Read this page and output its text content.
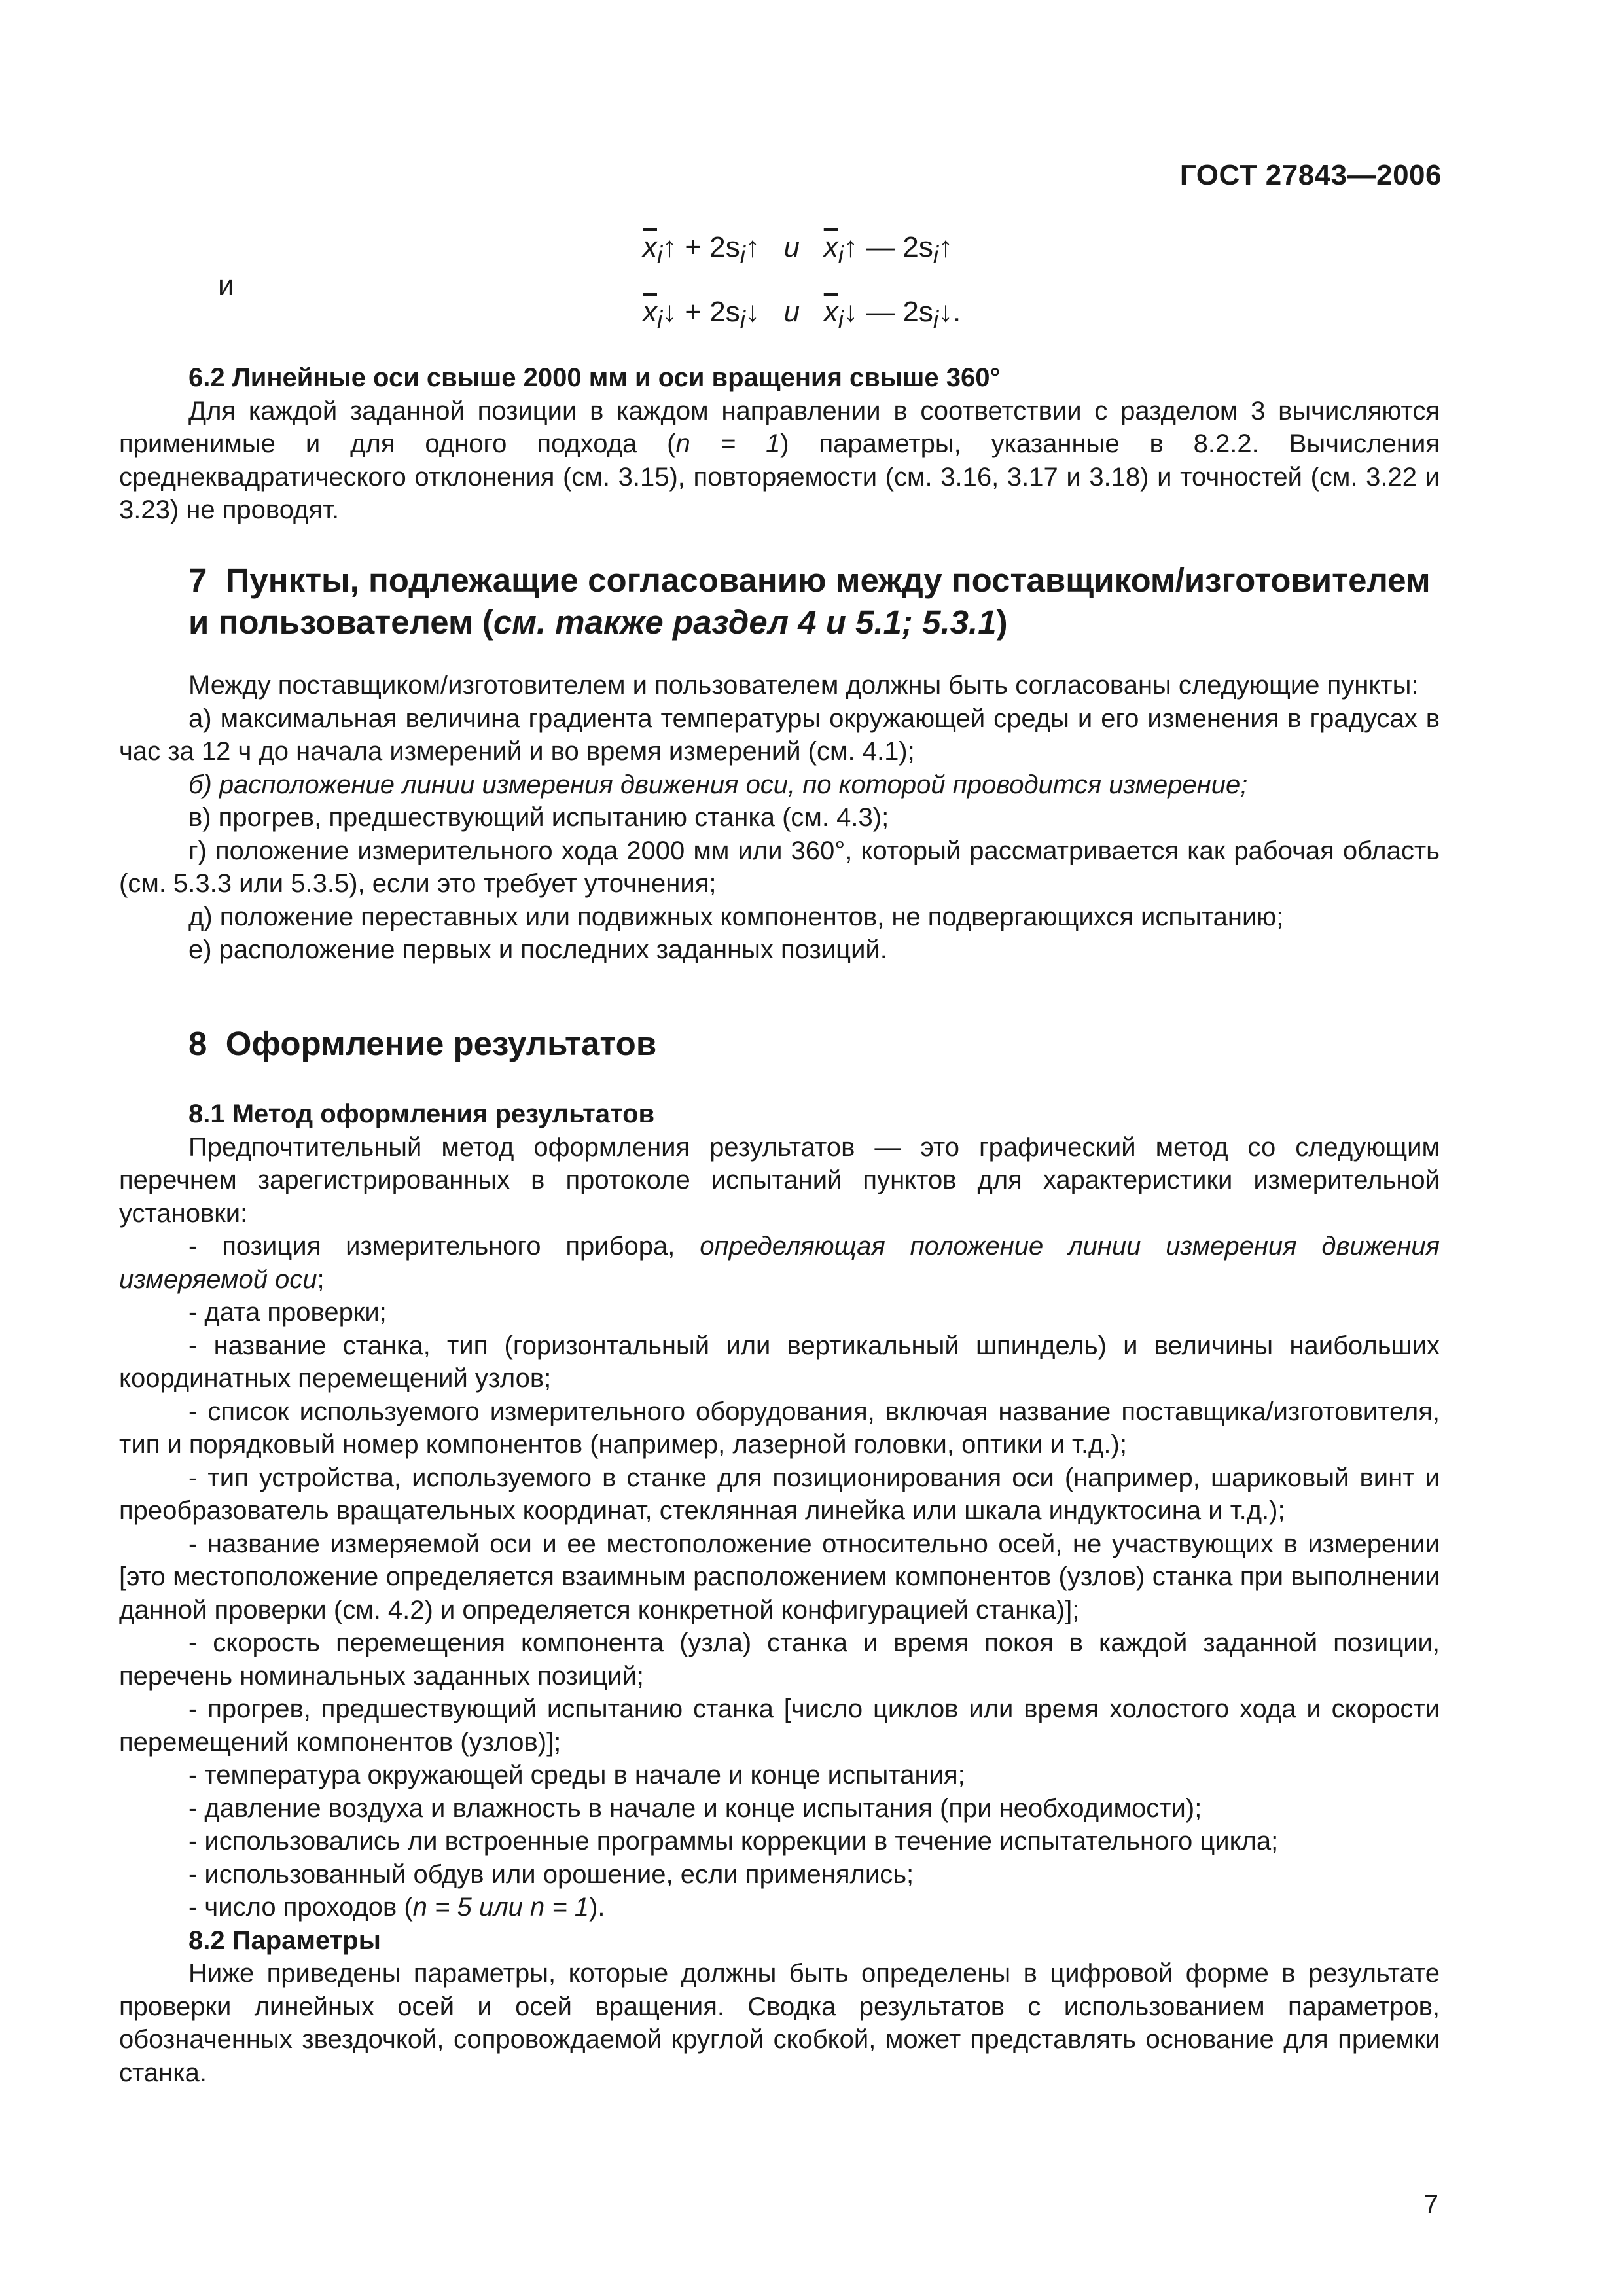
ГОСТ 27843—2006
$\overline{x}_i↑$ + $2s_i↑$   и   $\overline{x}_i↑$ — $2s_i↑$
и
$\overline{x}_i↓$ + $2s_i↓$   и   $\overline{x}_i↓$ — $2s_i↓$.

6.2 Линейные оси свыше 2000 мм и оси вращения свыше 360°

Для каждой заданной позиции в каждом направлении в соответствии с разделом 3 вычисляются применимые и для одного подхода (n = 1) параметры, указанные в 8.2.2. Вычисления среднеквадратического отклонения (см. 3.15), повторяемости (см. 3.16, 3.17 и 3.18) и точностей (см. 3.22 и 3.23) не проводят.

7 Пункты, подлежащие согласованию между поставщиком/изготовителем

и пользователем (см. также раздел 4 и 5.1; 5.3.1)

Между поставщиком/изготовителем и пользователем должны быть согласованы следующие пункты:

а) максимальная величина градиента температуры окружающей среды и его изменения в градусах в час за 12 ч до начала измерений и во время измерений (см. 4.1);

б) расположение линии измерения движения оси, по которой проводится измерение;

в) прогрев, предшествующий испытанию станка (см. 4.3);

г) положение измерительного хода 2000 мм или 360°, который рассматривается как рабочая область (см. 5.3.3 или 5.3.5), если это требует уточнения;

д) положение переставных или подвижных компонентов, не подвергающихся испытанию;

е) расположение первых и последних заданных позиций.

8 Оформление результатов

8.1 Метод оформления результатов

Предпочтительный метод оформления результатов — это графический метод со следующим перечнем зарегистрированных в протоколе испытаний пунктов для характеристики измерительной установки:

- позиция измерительного прибора, определяющая положение линии измерения движения измеряемой оси;

- дата проверки;

- название станка, тип (горизонтальный или вертикальный шпиндель) и величины наибольших координатных перемещений узлов;

- список используемого измерительного оборудования, включая название поставщика/изготовителя, тип и порядковый номер компонентов (например, лазерной головки, оптики и т.д.);

- тип устройства, используемого в станке для позиционирования оси (например, шариковый винт и преобразователь вращательных координат, стеклянная линейка или шкала индуктосина и т.д.);

- название измеряемой оси и ее местоположение относительно осей, не участвующих в измерении [это местоположение определяется взаимным расположением компонентов (узлов) станка при выполнении данной проверки (см. 4.2) и определяется конкретной конфигурацией станка)];

- скорость перемещения компонента (узла) станка и время покоя в каждой заданной позиции, перечень номинальных заданных позиций;

- прогрев, предшествующий испытанию станка [число циклов или время холостого хода и скорости перемещений компонентов (узлов)];

- температура окружающей среды в начале и конце испытания;

- давление воздуха и влажность в начале и конце испытания (при необходимости);

- использовались ли встроенные программы коррекции в течение испытательного цикла;

- использованный обдув или орошение, если применялись;

- число проходов (n = 5 или n = 1).

8.2 Параметры

Ниже приведены параметры, которые должны быть определены в цифровой форме в результате проверки линейных осей и осей вращения. Сводка результатов с использованием параметров, обозначенных звездочкой, сопровождаемой круглой скобкой, может представлять основание для приемки станка.

7
